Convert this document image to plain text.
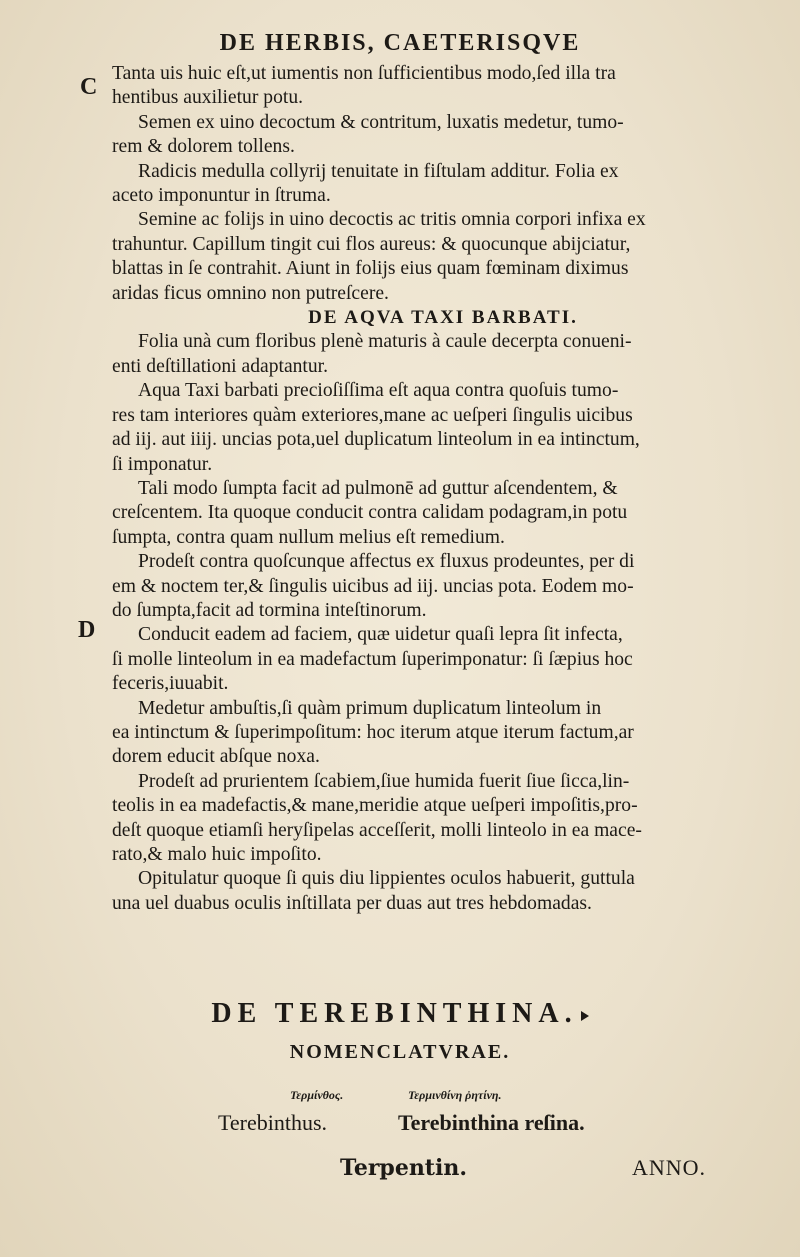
DE HERBIS, CAETERISQVE
C
D
Tanta uis huic eſt,ut iumentis non ſufficientibus modo,ſed illa tra
hentibus auxilietur potu.
Semen ex uino decoctum & contritum, luxatis medetur, tumo-
rem & dolorem tollens.
Radicis medulla collyrij tenuitate in fiſtulam additur. Folia ex
aceto imponuntur in ſtruma.
Semine ac folijs in uino decoctis ac tritis omnia corpori infixa ex
trahuntur. Capillum tingit cui flos aureus: & quocunque abijciatur,
blattas in ſe contrahit. Aiunt in folijs eius quam fœminam diximus
aridas ficus omnino non putreſcere.
DE AQVA TAXI BARBATI.
Folia unà cum floribus plenè maturis à caule decerpta conueni-
enti deſtillationi adaptantur.
Aqua Taxi barbati precioſiſſima eſt aqua contra quoſuis tumo-
res tam interiores quàm exteriores,mane ac ueſperi ſingulis uicibus
ad iij. aut iiij. uncias pota,uel duplicatum linteolum in ea intinctum,
ſi imponatur.
Tali modo ſumpta facit ad pulmonē ad guttur aſcendentem, &
creſcentem. Ita quoque conducit contra calidam podagram,in potu
ſumpta, contra quam nullum melius eſt remedium.
Prodeſt contra quoſcunque affectus ex fluxus prodeuntes, per di
em & noctem ter,& ſingulis uicibus ad iij. uncias pota. Eodem mo-
do ſumpta,facit ad tormina inteſtinorum.
Conducit eadem ad faciem, quæ uidetur quaſi lepra ſit infecta,
ſi molle linteolum in ea madefactum ſuperimponatur: ſi ſæpius hoc
feceris,iuuabit.
Medetur ambuſtis,ſi quàm primum duplicatum linteolum in
ea intinctum & ſuperimpoſitum: hoc iterum atque iterum factum,ar
dorem educit abſque noxa.
Prodeſt ad prurientem ſcabiem,ſiue humida fuerit ſiue ſicca,lin-
teolis in ea madefactis,& mane,meridie atque ueſperi impoſitis,pro-
deſt quoque etiamſi heryſipelas acceſſerit, molli linteolo in ea mace-
rato,& malo huic impoſito.
Opitulatur quoque ſi quis diu lippientes oculos habuerit, guttula
una uel duabus oculis inſtillata per duas aut tres hebdomadas.
DE TEREBINTHINA.
NOMENCLATVRAE.
Τερμίνθος.	Τερμινθίνη ῥητίνη.
Terebinthus.	Terebinthina reſina.
Terpentin.	ANNO.
